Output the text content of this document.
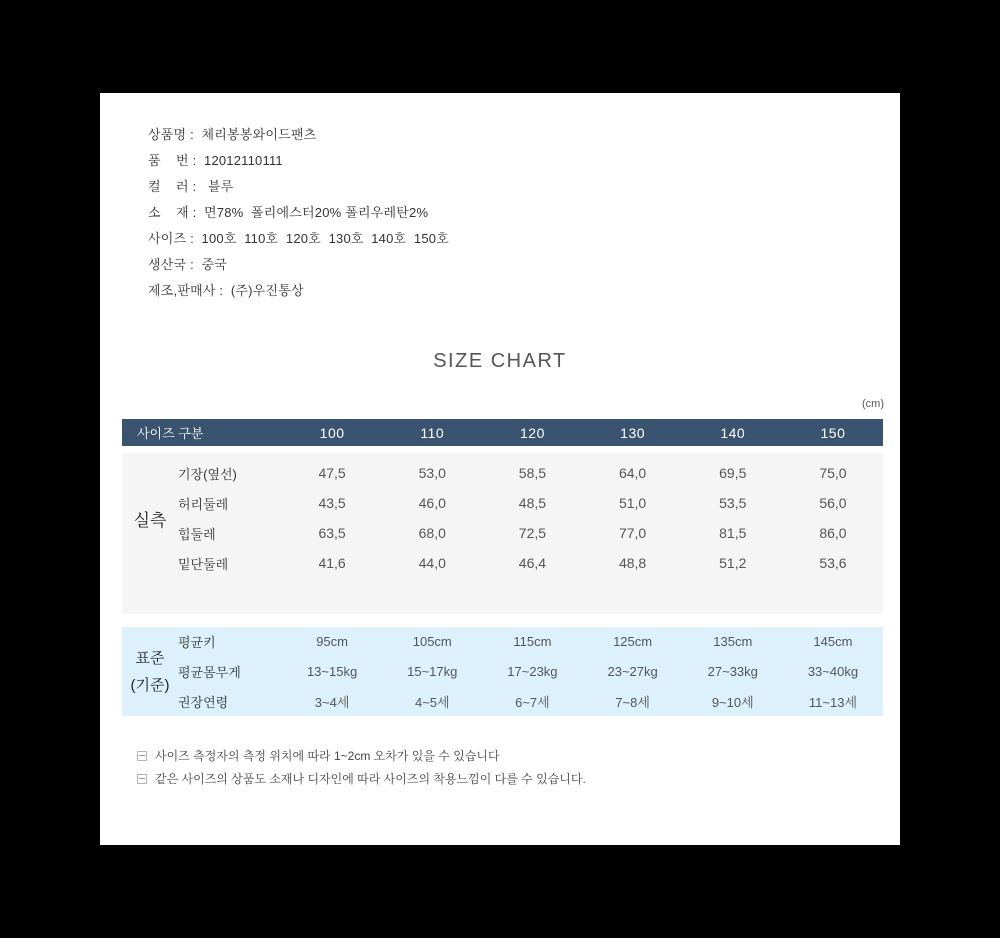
상품명 :  체리봉봉와이드팬츠
품    번 :  12012110111
컬    러 :   블루
소    재 :  면78%  폴리에스터20% 폴리우레탄2%
사이즈 :  100호  110호  120호  130호  140호  150호
생산국 :  중국
제조,판매사 :  (주)우진통상
SIZE CHART
(cm)
사이즈 구분	100	110	120	130	140	150
실측
기장(옆선)	47,5	53,0	58,5	64,0	69,5	75,0
허리둘레	43,5	46,0	48,5	51,0	53,5	56,0
힙둘레	63,5	68,0	72,5	77,0	81,5	86,0
밑단둘레	41,6	44,0	46,4	48,8	51,2	53,6
표준
(기준)
평균키	95cm	105cm	115cm	125cm	135cm	145cm
평균몸무게	13~15kg	15~17kg	17~23kg	23~27kg	27~33kg	33~40kg
권장연령	3~4세	4~5세	6~7세	7~8세	9~10세	11~13세
사이즈 측정자의 측정 위치에 따라 1~2cm 오차가 있을 수 있습니다
같은 사이즈의 상품도 소재나 디자인에 따라 사이즈의 착용느낌이 다를 수 있습니다.
